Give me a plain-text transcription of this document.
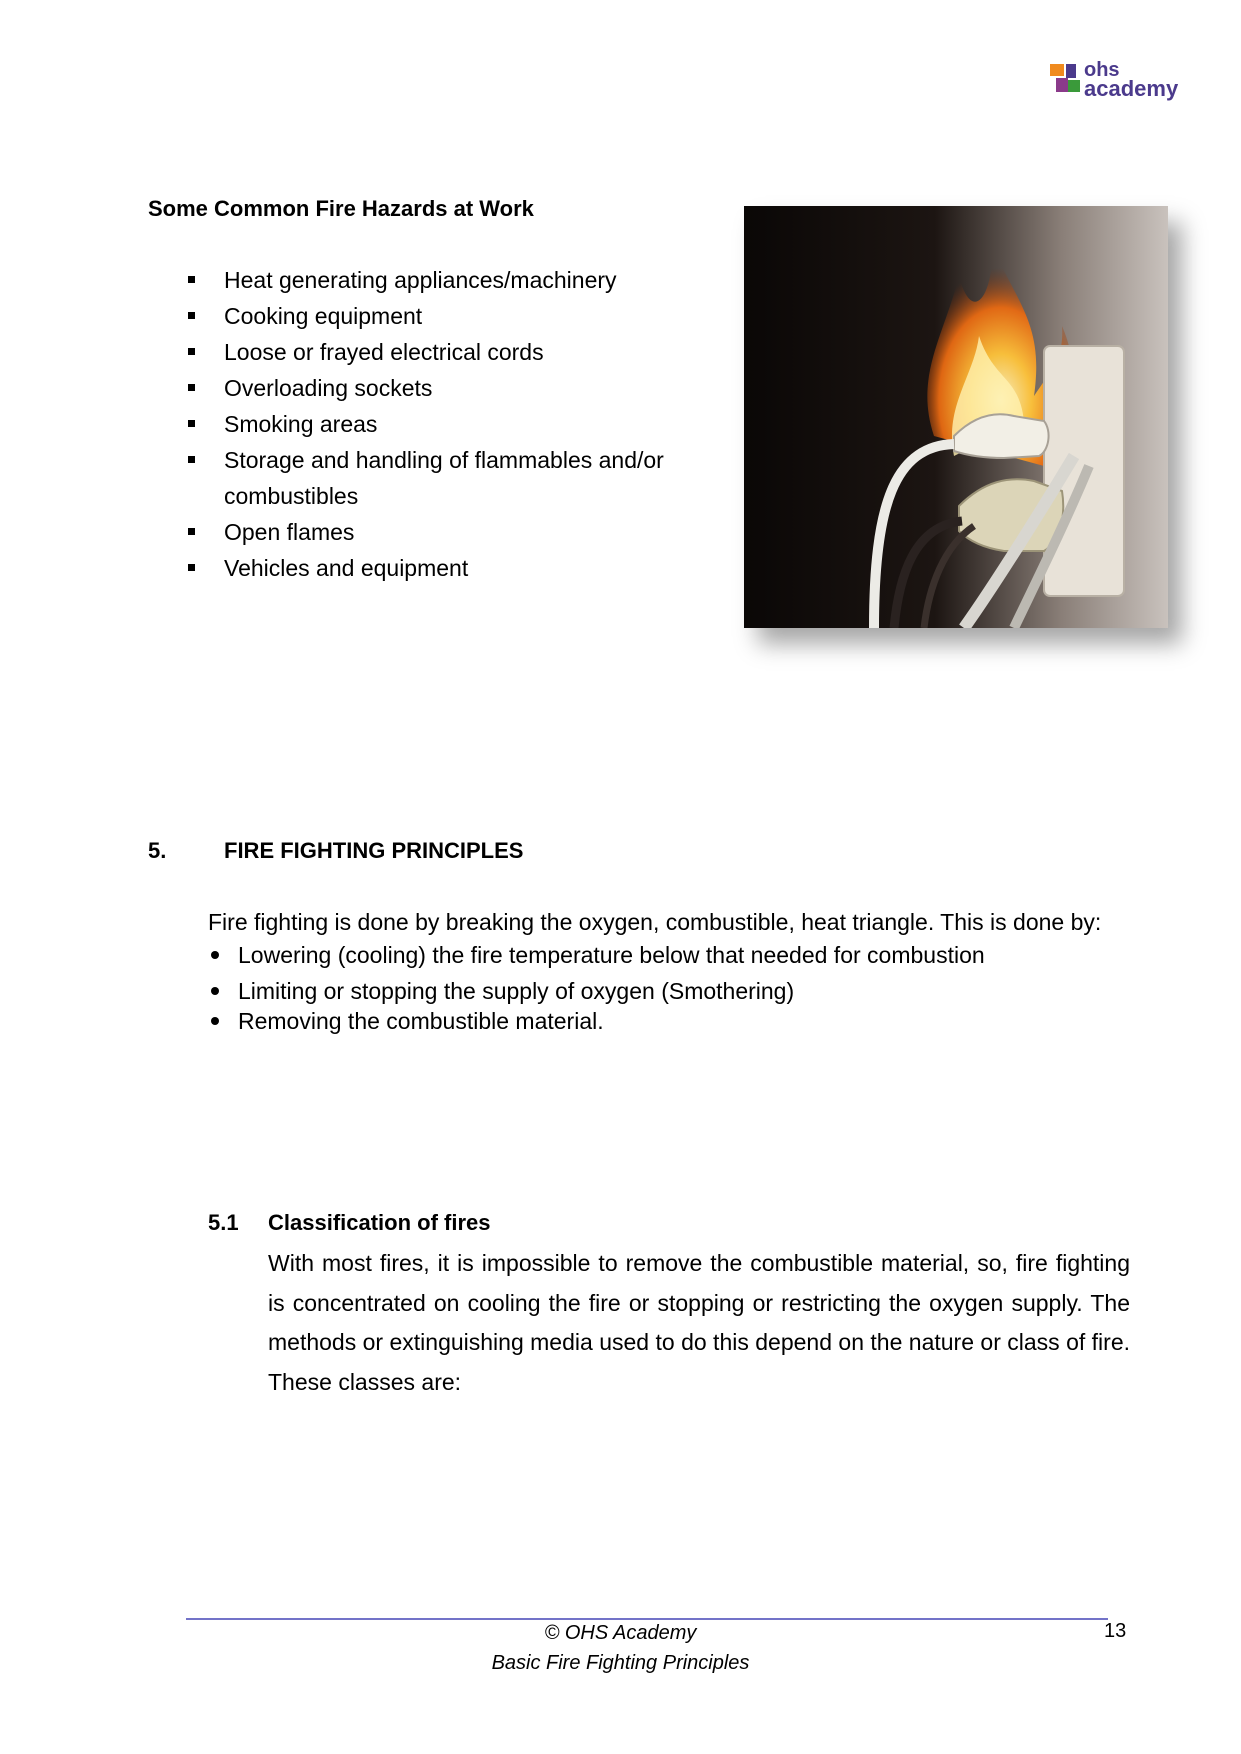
ohs
academy
Some Common Fire Hazards at Work
Heat generating appliances/machinery
Cooking equipment
Loose or frayed electrical cords
Overloading sockets
Smoking areas
Storage and handling of flammables and/or combustibles
Open flames
Vehicles and equipment
5.	FIRE FIGHTING PRINCIPLES

Fire fighting is done by breaking the oxygen, combustible, heat triangle. This is done by:

Lowering (cooling) the fire temperature below that needed for combustion
Limiting or stopping the supply of oxygen (Smothering)
Removing the combustible material.
5.1 Classification of fires

With most fires, it is impossible to remove the combustible material, so, fire fighting is concentrated on cooling the fire or stopping or restricting the oxygen supply. The methods or extinguishing media used to do this depend on the nature or class of fire. These classes are:

© OHS Academy
Basic Fire Fighting Principles
13
